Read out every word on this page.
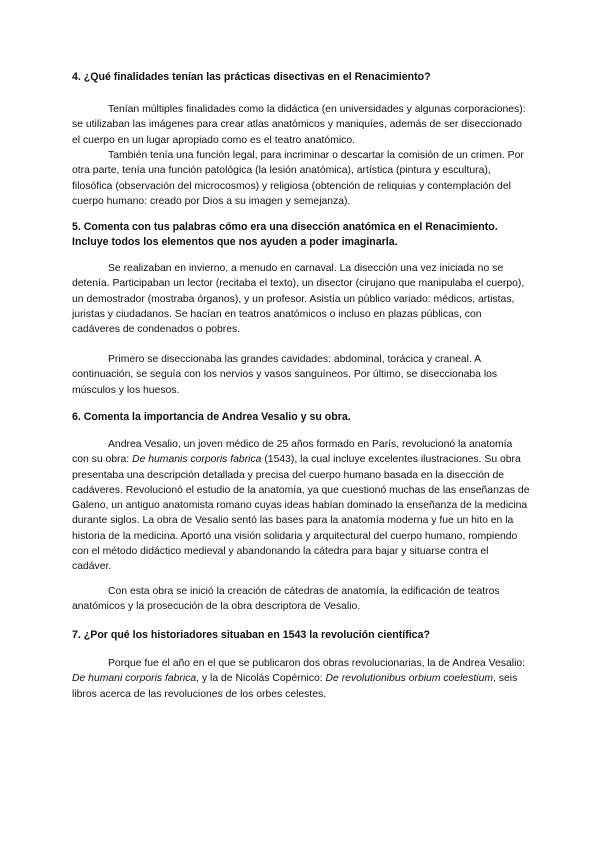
4. ¿Qué finalidades tenían las prácticas disectivas en el Renacimiento?

Tenían múltiples finalidades como la didáctica (en universidades y algunas corporaciones): se utilizaban las imágenes para crear atlas anatómicos y maniquíes, además de ser diseccionado el cuerpo en un lugar apropiado como es el teatro anatómico.

También tenía una función legal, para incriminar o descartar la comisión de un crimen. Por otra parte, tenía una función patológica (la lesión anatómica), artística (pintura y escultura), filosófica (observación del microcosmos) y religiosa (obtención de reliquias y contemplación del cuerpo humano: creado por Dios a su imagen y semejanza).

5. Comenta con tus palabras cómo era una disección anatómica en el Renacimiento. Incluye todos los elementos que nos ayuden a poder imaginarla.

Se realizaban en invierno, a menudo en carnaval. La disección una vez iniciada no se detenía. Participaban un lector (recitaba el texto), un disector (cirujano que manipulaba el cuerpo), un demostrador (mostraba órganos), y un profesor. Asistía un público variado: médicos, artistas, juristas y ciudadanos. Se hacían en teatros anatómicos o incluso en plazas públicas, con cadáveres de condenados o pobres.

Primero se diseccionaba las grandes cavidades: abdominal, torácica y craneal. A continuación, se seguía con los nervios y vasos sanguíneos. Por último, se diseccionaba los músculos y los huesos.

6. Comenta la importancia de Andrea Vesalio y su obra.

Andrea Vesalio, un joven médico de 25 años formado en París, revolucionó la anatomía con su obra: De humanis corporis fabrica (1543), la cual incluye excelentes ilustraciones. Su obra presentaba una descripción detallada y precisa del cuerpo humano basada en la disección de cadáveres. Revolucionó el estudio de la anatomía, ya que cuestionó muchas de las enseñanzas de Galeno, un antiguo anatomista romano cuyas ideas habían dominado la enseñanza de la medicina durante siglos. La obra de Vesalio sentó las bases para la anatomía moderna y fue un hito en la historia de la medicina. Aportó una visión solidaria y arquitectural del cuerpo humano, rompiendo con el método didáctico medieval y abandonando la cátedra para bajar y situarse contra el cadáver.

Con esta obra se inició la creación de cátedras de anatomía, la edificación de teatros anatómicos y la prosecución de la obra descriptora de Vesalio.

7. ¿Por qué los historiadores situaban en 1543 la revolución científica?

Porque fue el año en el que se publicaron dos obras revolucionarias, la de Andrea Vesalio: De humani corporis fabrica, y la de Nicolás Copérnico: De revolutionibus orbium coelestium, seis libros acerca de las revoluciones de los orbes celestes.
